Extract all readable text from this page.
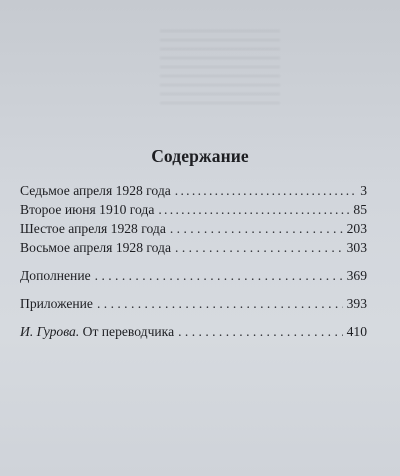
Содержание
Седьмое апреля 1928 года .....	3
Второе июня 1910 года .....	85
Шестое апреля 1928 года . . .	203
Восьмое апреля 1928 года . . .	303
Дополнение . . .	369
Приложение . . .	393
И. Гурова. От переводчика . . .	410
